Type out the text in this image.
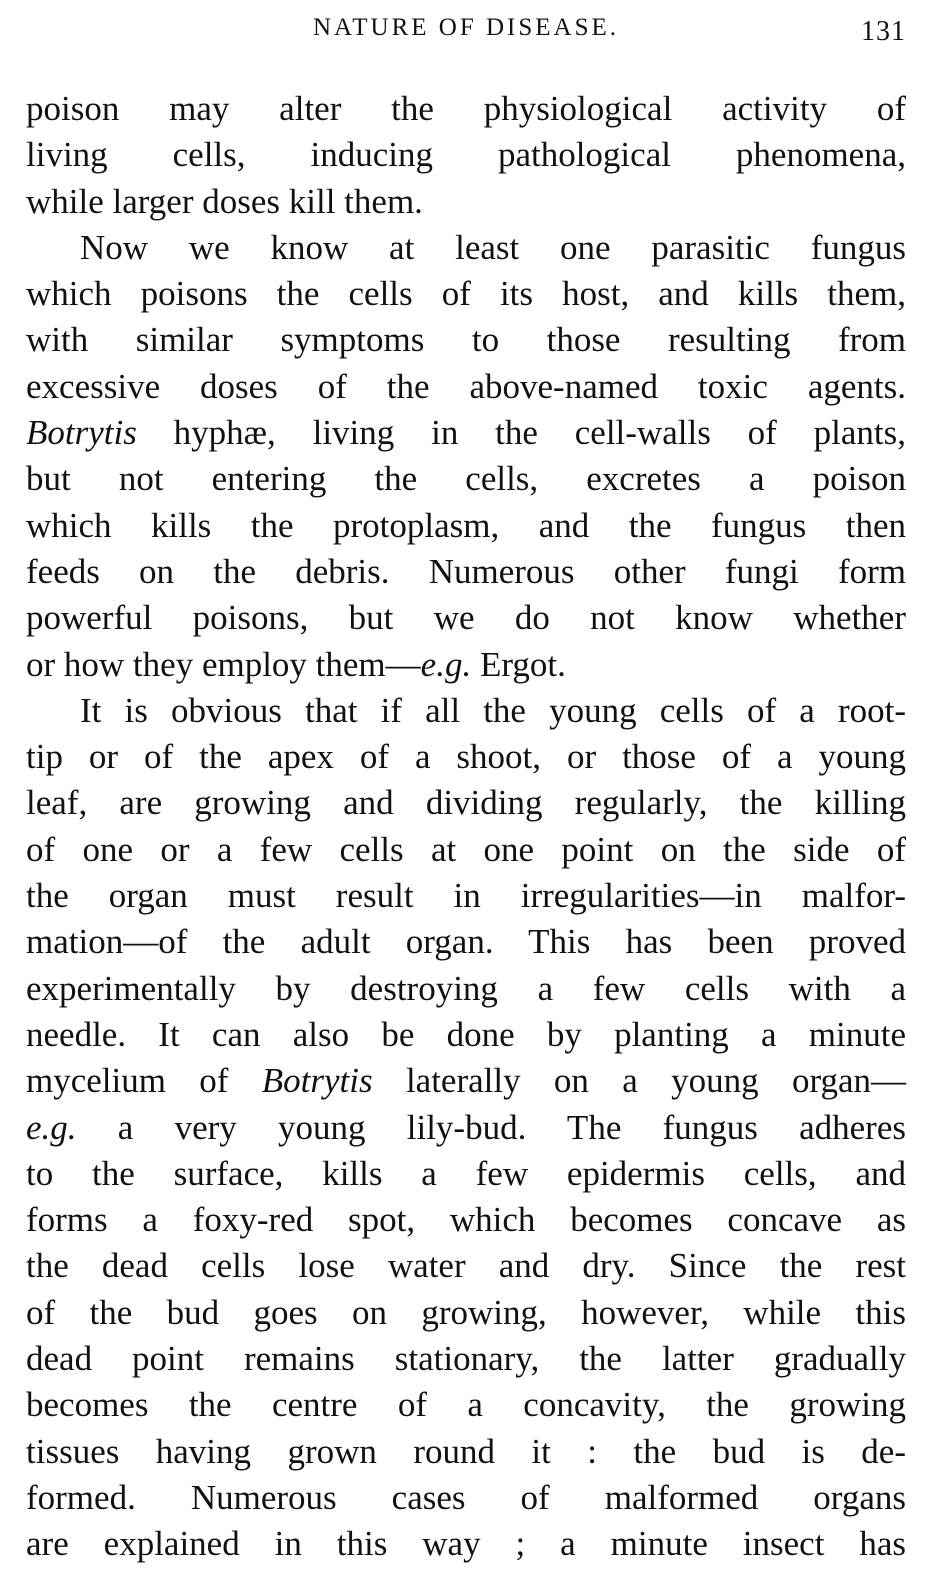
NATURE OF DISEASE.	131
poison may alter the physiological activity of
living cells, inducing pathological phenomena,
while larger doses kill them.
Now we know at least one parasitic fungus
which poisons the cells of its host, and kills them,
with similar symptoms to those resulting from
excessive doses of the above-named toxic agents.
Botrytis hyphæ, living in the cell-walls of plants,
but not entering the cells, excretes a poison
which kills the protoplasm, and the fungus then
feeds on the debris. Numerous other fungi form
powerful poisons, but we do not know whether
or how they employ them—e.g. Ergot.
It is obvious that if all the young cells of a root-
tip or of the apex of a shoot, or those of a young
leaf, are growing and dividing regularly, the killing
of one or a few cells at one point on the side of
the organ must result in irregularities—in malfor-
mation—of the adult organ. This has been proved
experimentally by destroying a few cells with a
needle. It can also be done by planting a minute
mycelium of Botrytis laterally on a young organ—
e.g. a very young lily-bud. The fungus adheres
to the surface, kills a few epidermis cells, and
forms a foxy-red spot, which becomes concave as
the dead cells lose water and dry. Since the rest
of the bud goes on growing, however, while this
dead point remains stationary, the latter gradually
becomes the centre of a concavity, the growing
tissues having grown round it : the bud is de-
formed. Numerous cases of malformed organs
are explained in this way ; a minute insect has
